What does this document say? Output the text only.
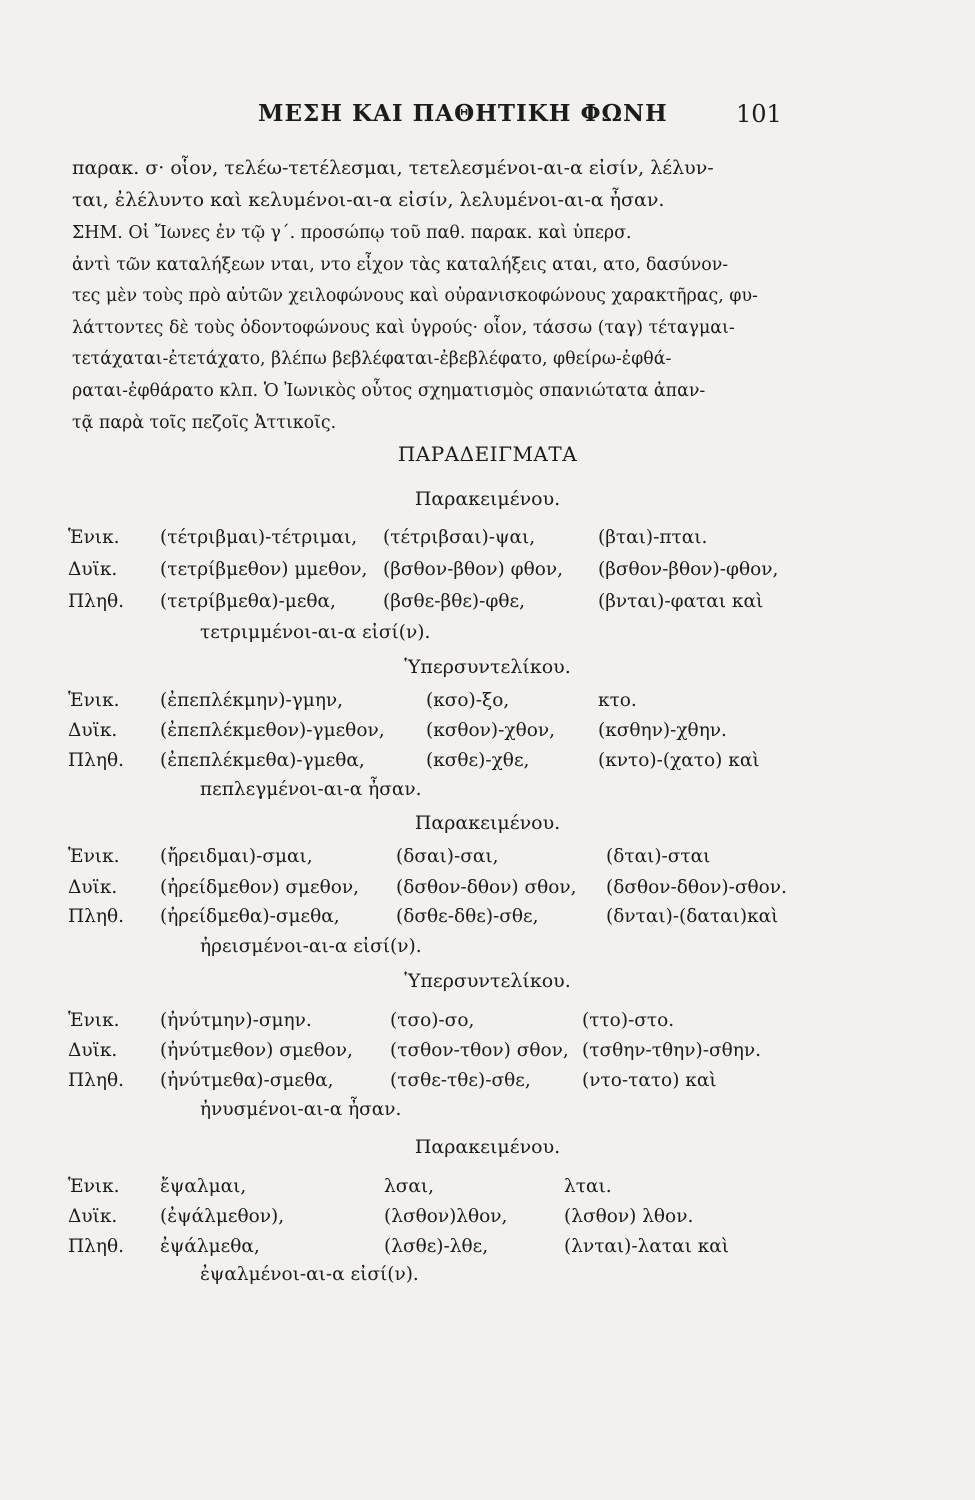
ΜΕΣΗ ΚΑΙ ΠΑΘΗΤΙΚΗ ΦΩΝΗ	101
παρακ. σ· οἷον, τελέω-τετέλεσμαι, τετελεσμένοι-αι-α εἰσίν, λέλυν-
ται, ἐλέλυντο καὶ κελυμένοι-αι-α εἰσίν, λελυμένοι-αι-α ἦσαν.
ΣΗΜ. Οἱ Ἴωνες ἐν τῷ γ΄. προσώπῳ τοῦ παθ. παρακ. καὶ ὑπερσ.
ἀντὶ τῶν καταλήξεων νται, ντο εἶχον τὰς καταλήξεις αται, ατο, δασύνον-
τες μὲν τοὺς πρὸ αὐτῶν χειλοφώνους καὶ οὐρανισκοφώνους χαρακτῆρας, φυ-
λάττοντες δὲ τοὺς ὀδοντοφώνους καὶ ὑγρούς· οἷον, τάσσω (ταγ) τέταγμαι-
τετάχαται-ἐτετάχατο, βλέπω βεβλέφαται-ἐβεβλέφατο, φθείρω-ἐφθά-
ραται-ἐφθάρατο κλπ. Ὁ Ἰωνικὸς οὗτος σχηματισμὸς σπανιώτατα ἀπαν-
τᾷ παρὰ τοῖς πεζοῖς Ἀττικοῖς.
ΠΑΡΑΔΕΙΓΜΑΤΑ
Παρακειμένου.
Ἑνικ. (τέτριβμαι)-τέτριμαι, (τέτριβσαι)-ψαι,	(βται)-πται.
Δυϊκ. (τετρίβμεθον) μμεθον, (βσθον-βθον) φθον, (βσθον-βθον)-φθον,
Πληθ. (τετρίβμεθα)-μεθα,	(βσθε-βθε)-φθε,	(βνται)-φαται καὶ
τετριμμένοι-αι-α εἰσί(ν).
Ὑπερσυντελίκου.
Ἑνικ. (ἐπεπλέκμην)-γμην,	(κσο)-ξο,	κτο.
Δυϊκ. (ἐπεπλέκμεθον)-γμεθον, (κσθον)-χθον, (κσθην)-χθην.
Πληθ. (ἐπεπλέκμεθα)-γμεθα,	(κσθε)-χθε,	(κντο)-(χατο) καὶ
πεπλεγμένοι-αι-α ἦσαν.
Παρακειμένου.
Ἑνικ. (ἤρειδμαι)-σμαι,	(δσαι)-σαι,	(δται)-σται
Δυϊκ. (ἠρείδμεθον) σμεθον, (δσθον-δθον) σθον, (δσθον-δθον)-σθον.
Πληθ. (ἠρείδμεθα)-σμεθα,	(δσθε-δθε)-σθε,	(δνται)-(δαται)καὶ
ἠρεισμένοι-αι-α εἰσί(ν).
Ὑπερσυντελίκου.
Ἑνικ. (ἠνύτμην)-σμην.	(τσο)-σο,	(ττο)-στο.
Δυϊκ. (ἠνύτμεθον) σμεθον, (τσθον-τθον) σθον, (τσθην-τθην)-σθην.
Πληθ. (ἠνύτμεθα)-σμεθα,	(τσθε-τθε)-σθε,	(ντο-τατο) καὶ
ἠνυσμένοι-αι-α ἦσαν.
Παρακειμένου.
Ἑνικ. ἔψαλμαι,	λσαι,	λται.
Δυϊκ. (ἐψάλμεθον),	(λσθον)λθον,	(λσθον) λθον.
Πληθ. ἐψάλμεθα,	(λσθε)-λθε,	(λνται)-λαται καὶ
ἐψαλμένοι-αι-α εἰσί(ν).
